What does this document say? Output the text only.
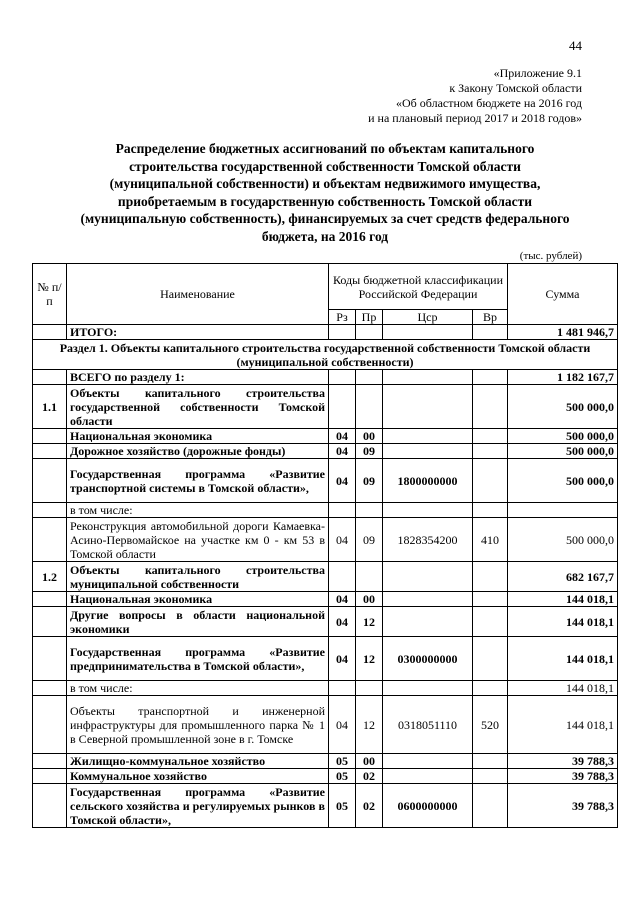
44
«Приложение 9.1
к Закону Томской области
«Об областном бюджете на 2016 год
и на плановый период 2017 и 2018 годов»
Распределение бюджетных ассигнований по объектам капитального строительства государственной собственности Томской области (муниципальной собственности) и объектам недвижимого имущества, приобретаемым в государственную собственность Томской области (муниципальную собственность), финансируемых за счет средств федерального бюджета, на 2016 год
(тыс. рублей)
№ п/п	Наименование	Коды бюджетной классификации Российской Федерации				Сумма
		Рз	Пр	Цср	Вр	
	ИТОГО:					1 481 946,7
Раздел 1. Объекты капитального строительства государственной собственности Томской области (муниципальной собственности)						
	ВСЕГО по разделу 1:					1 182 167,7
1.1	Объекты капитального строительства государственной собственности Томской области					500 000,0
	Национальная экономика	04	00			500 000,0
	Дорожное хозяйство (дорожные фонды)	04	09			500 000,0
	Государственная программа «Развитие транспортной системы в Томской области»,	04	09	1800000000		500 000,0
	в том числе:					
	Реконструкция автомобильной дороги Камаевка-Асино-Первомайское на участке км 0 - км 53 в Томской области	04	09	1828354200	410	500 000,0
1.2	Объекты капитального строительства муниципальной собственности					682 167,7
	Национальная экономика	04	00			144 018,1
	Другие вопросы в области национальной экономики	04	12			144 018,1
	Государственная программа «Развитие предпринимательства в Томской области»,	04	12	0300000000		144 018,1
	в том числе:					144 018,1
	Объекты транспортной и инженерной инфраструктуры для промышленного парка № 1 в Северной промышленной зоне в г. Томске	04	12	0318051110	520	144 018,1
	Жилищно-коммунальное хозяйство	05	00			39 788,3
	Коммунальное хозяйство	05	02			39 788,3
	Государственная программа «Развитие сельского хозяйства и регулируемых рынков в Томской области»,	05	02	0600000000		39 788,3
